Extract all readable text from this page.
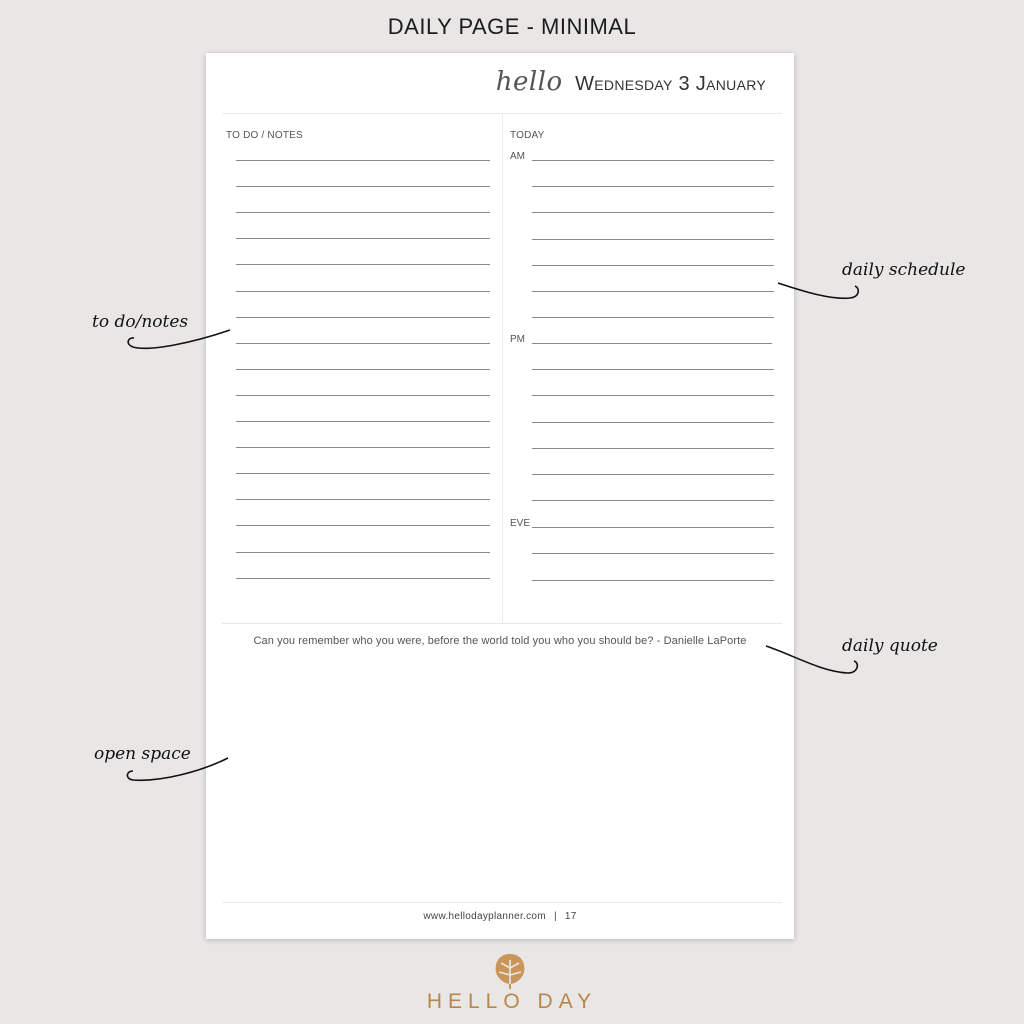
DAILY PAGE - MINIMAL
hello Wednesday 3 January
TO DO / NOTES	TODAY
AM
PM
EVE
Can you remember who you were, before the world told you who you should be? - Danielle LaPorte
www.hellodayplanner.com | 17
daily schedule
to do/notes
daily quote
open space
HELLO DAY
